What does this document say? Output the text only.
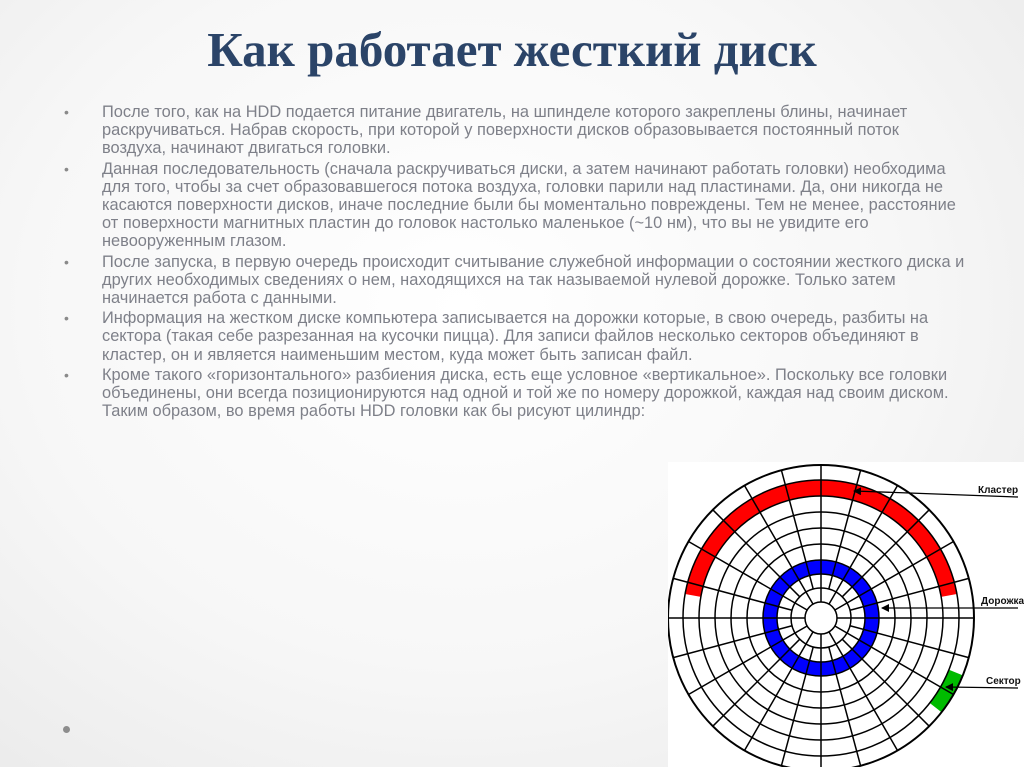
Как работает жесткий диск
• После того, как на HDD подается питание двигатель, на шпинделе которого закреплены блины, начинает раскручиваться. Набрав скорость, при которой у поверхности дисков образовывается постоянный поток воздуха, начинают двигаться головки.
• Данная последовательность (сначала раскручиваться диски, а затем начинают работать головки) необходима для того, чтобы за счет образовавшегося потока воздуха, головки парили над пластинами. Да, они никогда не касаются поверхности дисков, иначе последние были бы моментально повреждены. Тем не менее, расстояние от поверхности магнитных пластин до головок настолько маленькое (~10 нм), что вы не увидите его невооруженным глазом.
• После запуска, в первую очередь происходит считывание служебной информации о состоянии жесткого диска и других необходимых сведениях о нем, находящихся на так называемой нулевой дорожке. Только затем начинается работа с данными.
• Информация на жестком диске компьютера записывается на дорожки которые, в свою очередь, разбиты на сектора (такая себе разрезанная на кусочки пицца). Для записи файлов несколько секторов объединяют в кластер, он и является наименьшим местом, куда может быть записан файл.
• Кроме такого «горизонтального» разбиения диска, есть еще условное «вертикальное». Поскольку все головки объединены, они всегда позиционируются над одной и той же по номеру дорожкой, каждая над своим диском. Таким образом, во время работы HDD головки как бы рисуют цилиндр:
Кластер
Дорожка
Сектор
